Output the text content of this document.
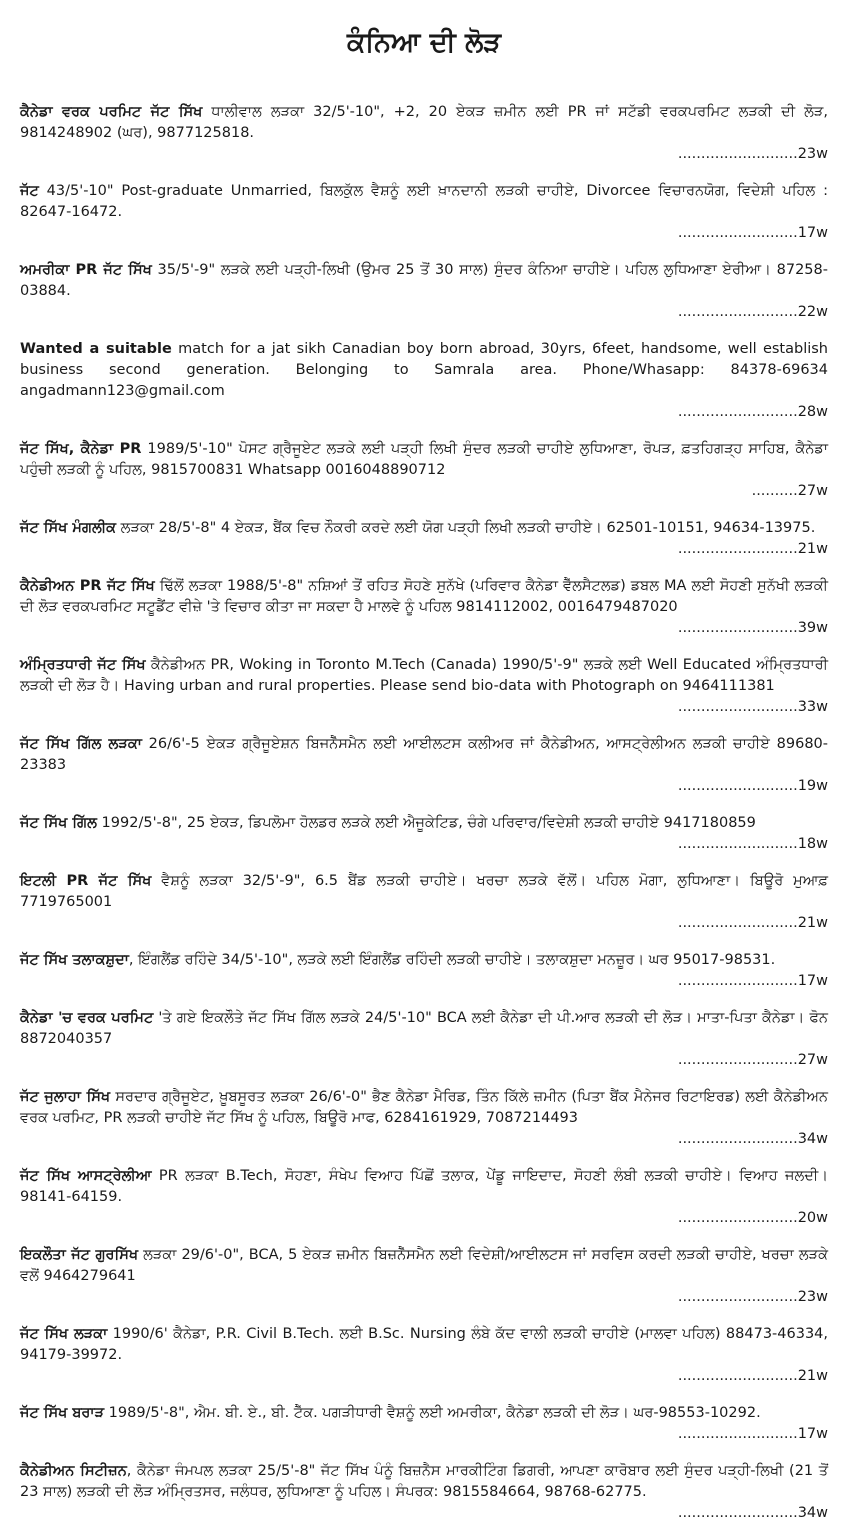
ਕੰਨਿਆ ਦੀ ਲੋੜ

ਕੈਨੇਡਾ ਵਰਕ ਪਰਮਿਟ ਜੱਟ ਸਿੱਖ ਧਾਲੀਵਾਲ ਲੜਕਾ 32/5'-10", +2, 20 ਏਕੜ ਜ਼ਮੀਨ ਲਈ PR ਜਾਂ ਸਟੱਡੀ ਵਰਕਪਰਮਿਟ ਲੜਕੀ ਦੀ ਲੋੜ, 9814248902 (ਘਰ), 9877125818.

..........................23w

ਜੱਟ 43/5'-10" Post-graduate Unmarried, ਬਿਲਕੁੱਲ ਵੈਸ਼ਨੂੰ ਲਈ ਖ਼ਾਨਦਾਨੀ ਲੜਕੀ ਚਾਹੀਏ, Divorcee ਵਿਚਾਰਨਯੋਗ, ਵਿਦੇਸ਼ੀ ਪਹਿਲ : 82647-16472.

..........................17w

ਅਮਰੀਕਾ PR ਜੱਟ ਸਿੱਖ 35/5'-9" ਲੜਕੇ ਲਈ ਪੜ੍ਹੀ-ਲਿਖੀ (ਉਮਰ 25 ਤੋਂ 30 ਸਾਲ) ਸੁੰਦਰ ਕੰਨਿਆ ਚਾਹੀਏ। ਪਹਿਲ ਲੁਧਿਆਣਾ ਏਰੀਆ। 87258-03884.

..........................22w

Wanted a suitable match for a jat sikh Canadian boy born abroad, 30yrs, 6feet, handsome, well establish business second generation. Belonging to Samrala area. Phone/Whasapp: 84378-69634 angadmann123@gmail.com

..........................28w

ਜੱਟ ਸਿੱਖ, ਕੈਨੇਡਾ PR 1989/5'-10" ਪੋਸਟ ਗ੍ਰੈਜੂਏਟ ਲੜਕੇ ਲਈ ਪੜ੍ਹੀ ਲਿਖੀ ਸੁੰਦਰ ਲੜਕੀ ਚਾਹੀਏ ਲੁਧਿਆਣਾ, ਰੋਪੜ, ਫ਼ਤਹਿਗੜ੍ਹ ਸਾਹਿਬ, ਕੈਨੇਡਾ ਪਹੁੰਚੀ ਲੜਕੀ ਨੂੰ ਪਹਿਲ, 9815700831 Whatsapp 0016048890712

..........27w

ਜੱਟ ਸਿੱਖ ਮੰਗਲੀਕ ਲੜਕਾ 28/5'-8" 4 ਏਕੜ, ਬੈਂਕ ਵਿਚ ਨੌਕਰੀ ਕਰਦੇ ਲਈ ਯੋਗ ਪੜ੍ਹੀ ਲਿਖੀ ਲੜਕੀ ਚਾਹੀਏ। 62501-10151, 94634-13975.

..........................21w

ਕੈਨੇਡੀਅਨ PR ਜੱਟ ਸਿੱਖ ਢਿੱਲੋਂ ਲੜਕਾ 1988/5'-8" ਨਸ਼ਿਆਂ ਤੋਂ ਰਹਿਤ ਸੋਹਣੇ ਸੁਨੱਖੇ (ਪਰਿਵਾਰ ਕੈਨੇਡਾ ਵੈੱਲਸੈਟਲਡ) ਡਬਲ MA ਲਈ ਸੋਹਣੀ ਸੁਨੱਖੀ ਲੜਕੀ ਦੀ ਲੋੜ ਵਰਕਪਰਮਿਟ ਸਟੂਡੈਂਟ ਵੀਜ਼ੇ 'ਤੇ ਵਿਚਾਰ ਕੀਤਾ ਜਾ ਸਕਦਾ ਹੈ ਮਾਲਵੇ ਨੂੰ ਪਹਿਲ 9814112002, 0016479487020

..........................39w

ਅੰਮ੍ਰਿਤਧਾਰੀ ਜੱਟ ਸਿੱਖ ਕੈਨੇਡੀਅਨ PR, Woking in Toronto M.Tech (Canada) 1990/5'-9" ਲੜਕੇ ਲਈ Well Educated ਅੰਮ੍ਰਿਤਧਾਰੀ ਲੜਕੀ ਦੀ ਲੋੜ ਹੈ। Having urban and rural properties. Please send bio-data with Photograph on 9464111381

..........................33w

ਜੱਟ ਸਿੱਖ ਗਿੱਲ ਲੜਕਾ 26/6'-5 ਏਕੜ ਗ੍ਰੈਜੂਏਸ਼ਨ ਬਿਜਨੈੱਸਮੈਨ ਲਈ ਆਈਲਟਸ ਕਲੀਅਰ ਜਾਂ ਕੈਨੇਡੀਅਨ, ਆਸਟ੍ਰੇਲੀਅਨ ਲੜਕੀ ਚਾਹੀਏ 89680-23383

..........................19w

ਜੱਟ ਸਿੱਖ ਗਿੱਲ 1992/5'-8", 25 ਏਕੜ, ਡਿਪਲੋਮਾ ਹੋਲਡਰ ਲੜਕੇ ਲਈ ਐਜੂਕੇਟਿਡ, ਚੰਗੇ ਪਰਿਵਾਰ/ਵਿਦੇਸ਼ੀ ਲੜਕੀ ਚਾਹੀਏ 9417180859

..........................18w

ਇਟਲੀ PR ਜੱਟ ਸਿੱਖ ਵੈਸ਼ਨੂੰ ਲੜਕਾ 32/5'-9", 6.5 ਬੈਂਡ ਲੜਕੀ ਚਾਹੀਏ। ਖਰਚਾ ਲੜਕੇ ਵੱਲੋਂ। ਪਹਿਲ ਮੋਗਾ, ਲੁਧਿਆਣਾ। ਬਿਊਰੋ ਮੁਆਫ਼ 7719765001

..........................21w

ਜੱਟ ਸਿੱਖ ਤਲਾਕਸ਼ੁਦਾ, ਇੰਗਲੈਂਡ ਰਹਿੰਦੇ 34/5'-10", ਲੜਕੇ ਲਈ ਇੰਗਲੈਂਡ ਰਹਿੰਦੀ ਲੜਕੀ ਚਾਹੀਏ। ਤਲਾਕਸ਼ੁਦਾ ਮਨਜ਼ੂਰ। ਘਰ 95017-98531.

..........................17w

ਕੈਨੇਡਾ 'ਚ ਵਰਕ ਪਰਮਿਟ 'ਤੇ ਗਏ ਇਕਲੌਤੇ ਜੱਟ ਸਿੱਖ ਗਿੱਲ ਲੜਕੇ 24/5'-10" BCA ਲਈ ਕੈਨੇਡਾ ਦੀ ਪੀ.ਆਰ ਲੜਕੀ ਦੀ ਲੋੜ। ਮਾਤਾ-ਪਿਤਾ ਕੈਨੇਡਾ। ਫੋਨ 8872040357

..........................27w

ਜੱਟ ਜੁਲਾਹਾ ਸਿੱਖ ਸਰਦਾਰ ਗ੍ਰੈਜੂਏਟ, ਖ਼ੂਬਸੂਰਤ ਲੜਕਾ 26/6'-0" ਭੈਣ ਕੈਨੇਡਾ ਮੈਰਿਡ, ਤਿੰਨ ਕਿੱਲੇ ਜ਼ਮੀਨ (ਪਿਤਾ ਬੈਂਕ ਮੈਨੇਜਰ ਰਿਟਾਇਰਡ) ਲਈ ਕੈਨੇਡੀਅਨ ਵਰਕ ਪਰਮਿਟ, PR ਲੜਕੀ ਚਾਹੀਏ ਜੱਟ ਸਿੱਖ ਨੂੰ ਪਹਿਲ, ਬਿਊਰੋ ਮਾਫ, 6284161929, 7087214493

..........................34w

ਜੱਟ ਸਿੱਖ ਆਸਟ੍ਰੇਲੀਆ PR ਲੜਕਾ B.Tech, ਸੋਹਣਾ, ਸੰਖੇਪ ਵਿਆਹ ਪਿੱਛੋਂ ਤਲਾਕ, ਪੇਂਡੂ ਜਾਇਦਾਦ, ਸੋਹਣੀ ਲੰਬੀ ਲੜਕੀ ਚਾਹੀਏ। ਵਿਆਹ ਜਲਦੀ। 98141-64159.

..........................20w

ਇਕਲੌਤਾ ਜੱਟ ਗੁਰਸਿੱਖ ਲੜਕਾ 29/6'-0", BCA, 5 ਏਕੜ ਜ਼ਮੀਨ ਬਿਜ਼ਨੈੱਸਮੈਨ ਲਈ ਵਿਦੇਸ਼ੀ/ਆਈਲਟਸ ਜਾਂ ਸਰਵਿਸ ਕਰਦੀ ਲੜਕੀ ਚਾਹੀਏ, ਖਰਚਾ ਲੜਕੇ ਵਲੋਂ 9464279641

..........................23w

ਜੱਟ ਸਿੱਖ ਲੜਕਾ 1990/6' ਕੈਨੇਡਾ, P.R. Civil B.Tech. ਲਈ B.Sc. Nursing ਲੰਬੇ ਕੱਦ ਵਾਲੀ ਲੜਕੀ ਚਾਹੀਏ (ਮਾਲਵਾ ਪਹਿਲ) 88473-46334, 94179-39972.

..........................21w

ਜੱਟ ਸਿੱਖ ਬਰਾੜ 1989/5'-8", ਐਮ. ਬੀ. ਏ., ਬੀ. ਟੈੱਕ. ਪਗੜੀਧਾਰੀ ਵੈਸ਼ਨੂੰ ਲਈ ਅਮਰੀਕਾ, ਕੈਨੇਡਾ ਲੜਕੀ ਦੀ ਲੋੜ। ਘਰ-98553-10292.

..........................17w

ਕੈਨੇਡੀਅਨ ਸਿਟੀਜ਼ਨ, ਕੈਨੇਡਾ ਜੰਮਪਲ ਲੜਕਾ 25/5'-8" ਜੱਟ ਸਿੱਖ ਪੰਨੂੰ ਬਿਜ਼ਨੈਸ ਮਾਰਕੀਟਿੰਗ ਡਿਗਰੀ, ਆਪਣਾ ਕਾਰੋਬਾਰ ਲਈ ਸੁੰਦਰ ਪੜ੍ਹੀ-ਲਿਖੀ (21 ਤੋਂ 23 ਸਾਲ) ਲੜਕੀ ਦੀ ਲੋੜ ਅੰਮ੍ਰਿਤਸਰ, ਜਲੰਧਰ, ਲੁਧਿਆਣਾ ਨੂੰ ਪਹਿਲ। ਸੰਪਰਕ: 9815584664, 98768-62775.

..........................34w
